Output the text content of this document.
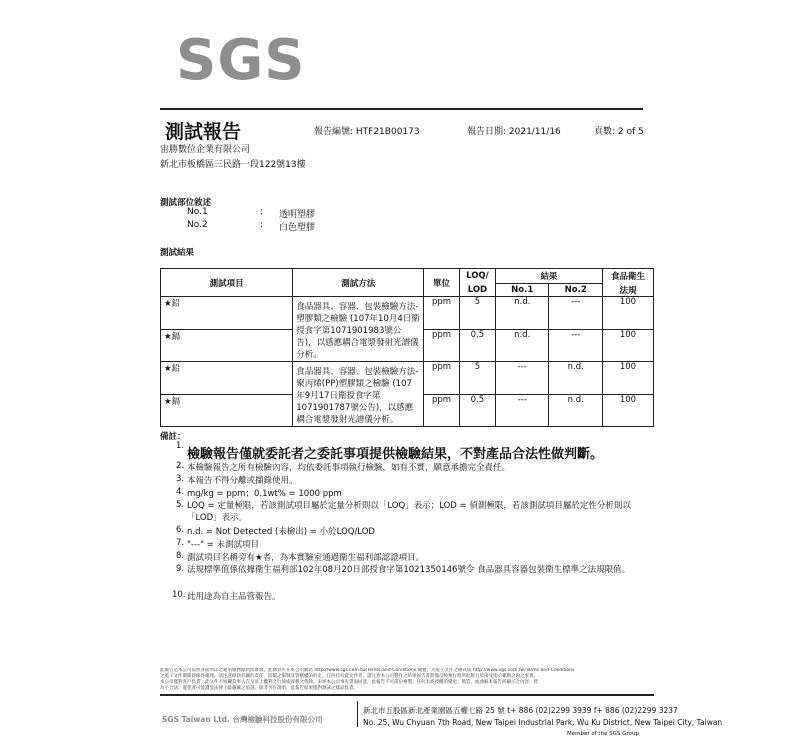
SGS
測試報告	報告編號: HTF21B00173	報告日期: 2021/11/16	頁數: 2 of 5
宙勝數位企業有限公司
新北市板橋區三民路一段122號13樓
測試部位敘述
No.1	: 透明塑膠
No.2	: 白色塑膠
測試結果
測試項目	測試方法	單位	LOQ/	結果		食品衛生
			LOD	No.1	No.2	法規
★鉛	食品器具、容器、包裝檢驗方法-塑膠類之檢驗 (107年10月4日衛授食字第1071901983號公告)，以感應耦合電漿發射光譜儀分析。	ppm	5	n.d.	---	100
★鎘		ppm	0.5	n.d.	---	100
★鉛	食品器具、容器、包裝檢驗方法-聚丙烯(PP)塑膠類之檢驗 (107年9月17日衛授食字第1071901787號公告)，以感應耦合電漿發射光譜儀分析。	ppm	5	---	n.d.	100
★鎘		ppm	0.5	---	n.d.	100
備註：
1.
檢驗報告僅就委託者之委託事項提供檢驗結果，不對產品合法性做判斷。
2. 本檢驗報告之所有檢驗內容，均依委託事項執行檢驗，如有不實，願意承擔完全責任。
3. 本報告不得分離或擷錄使用。
4. mg/kg = ppm；0.1wt% = 1000 ppm
5. LOQ = 定量極限，若該測試項目屬於定量分析則以「LOQ」表示；LOD = 偵測極限，若該測試項目屬於定性分析則以「LOD」表示。
6. n.d. = Not Detected (未檢出) = 小於LOQ/LOD
7. "---" = 未測試項目
8. 測試項目名稱旁有★者，為本實驗室通過衛生福利部認證項目。
9. 法規標準值係依據衛生福利部102年08月20日部授食字第1021350146號令 食品器具容器包裝衛生標準之法規限值。
10. 此用途為自主品管報告。
此報告是本公司依照背面所印之通用服務條款所簽發，此條款可在本公司網站 http://www.sgs.com.tw/Terms-and-Conditions 閱覽，凡電子文件之格式依 http://www.sgs.com.tw/Terms-and-Conditions
之電子文件期限與條件處理。請注意條款有關於責任、賠償之限制及管轄權的約定。任何持有此文件者，請注意本公司製作之結果報告書將僅反映執行時所紀錄且於接受指示範圍之內之事實。
本公司僅對客戶負責，此文件不妨礙當事人在交易上權利之行使或義務之免除。未經本公司事先書面同意，此報告不可部份複製。任何未經授權的變更、偽造、或曲解本報告所顯示之內容，皆
為不合法，違犯者可能遭受法律上最嚴厲之追訴。除非另有說明，此報告結果僅對測試之樣品負責。
SGS Taiwan Ltd. 台灣檢驗科技股份有限公司
新北市五股區新北產業園區五權七路 25 號 t+ 886 (02)2299 3939 f+ 886 (02)2299 3237
No. 25, Wu Chyuan 7th Road, New Taipei Industrial Park, Wu Ku District, New Taipei City, Taiwan
Member of the SGS Group
